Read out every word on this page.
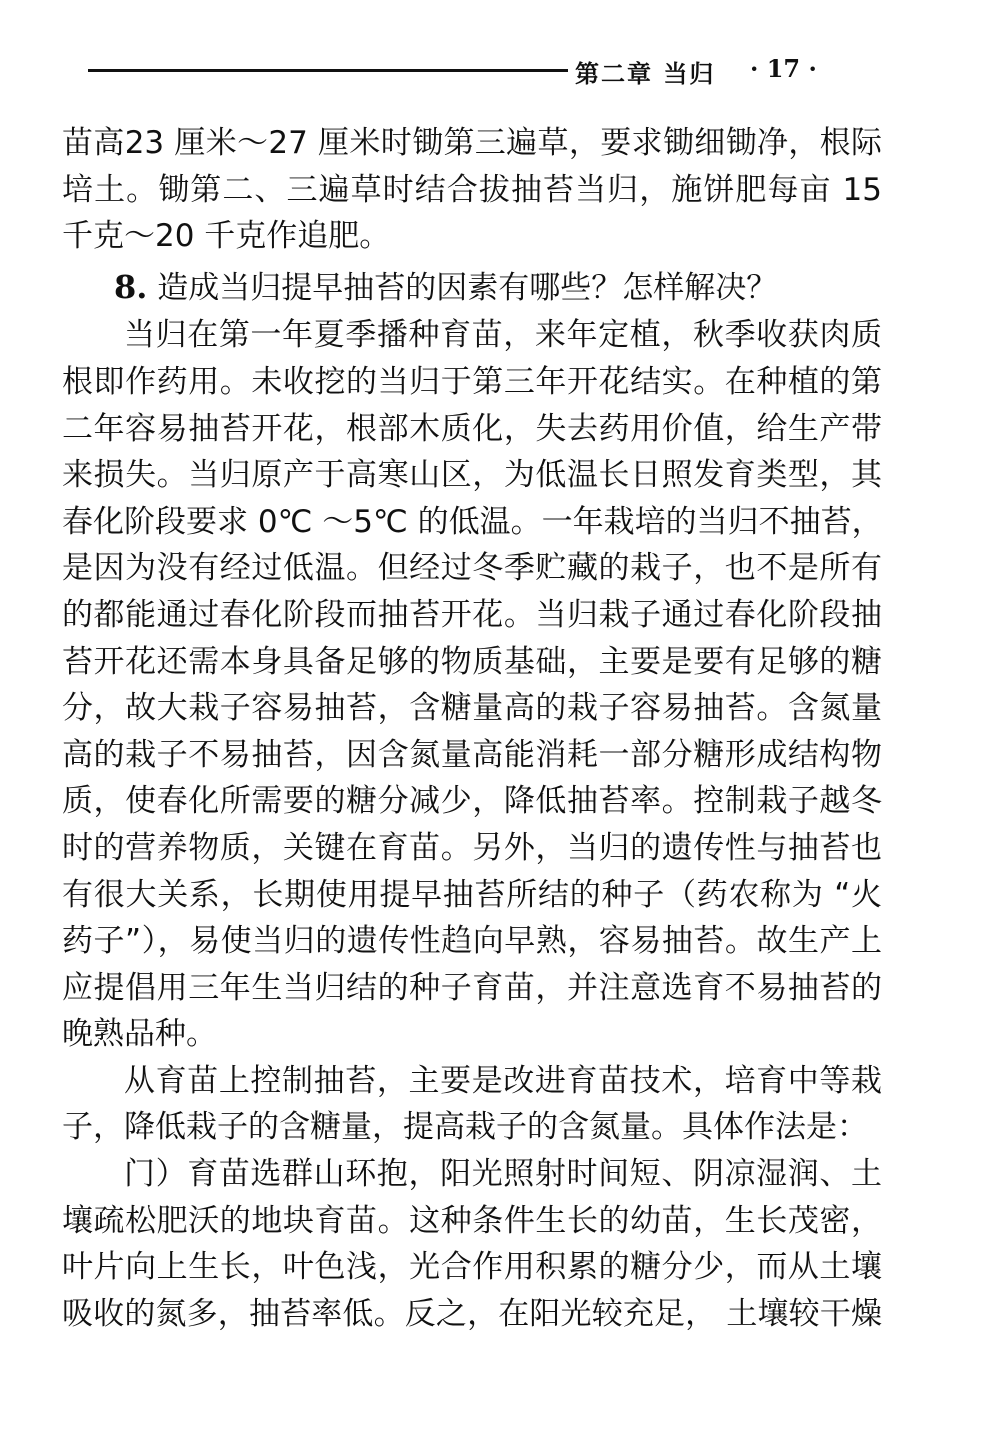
第二章 当归 · 17 ·
苗高23 厘米～27 厘米时锄第三遍草，要求锄细锄净，根际
培土。锄第二、三遍草时结合拔抽苔当归，施饼肥每亩 15
千克～20 千克作追肥。
8. 造成当归提早抽苔的因素有哪些？怎样解决？
当归在第一年夏季播种育苗，来年定植，秋季收获肉质
根即作药用。未收挖的当归于第三年开花结实。在种植的第
二年容易抽苔开花，根部木质化，失去药用价值，给生产带
来损失。当归原产于高寒山区，为低温长日照发育类型，其
春化阶段要求 0℃ ～5℃ 的低温。一年栽培的当归不抽苔，
是因为没有经过低温。但经过冬季贮藏的栽子，也不是所有
的都能通过春化阶段而抽苔开花。当归栽子通过春化阶段抽
苔开花还需本身具备足够的物质基础，主要是要有足够的糖
分，故大栽子容易抽苔，含糖量高的栽子容易抽苔。含氮量
高的栽子不易抽苔，因含氮量高能消耗一部分糖形成结构物
质，使春化所需要的糖分减少，降低抽苔率。控制栽子越冬
时的营养物质，关键在育苗。另外，当归的遗传性与抽苔也
有很大关系，长期使用提早抽苔所结的种子（药农称为 “火
药子”），易使当归的遗传性趋向早熟，容易抽苔。故生产上
应提倡用三年生当归结的种子育苗，并注意选育不易抽苔的
晚熟品种。
从育苗上控制抽苔，主要是改进育苗技术，培育中等栽
子，降低栽子的含糖量，提高栽子的含氮量。具体作法是：
门）育苗选群山环抱，阳光照射时间短、阴凉湿润、土
壤疏松肥沃的地块育苗。这种条件生长的幼苗，生长茂密，
叶片向上生长，叶色浅，光合作用积累的糖分少，而从土壤
吸收的氮多，抽苔率低。反之，在阳光较充足， 土壤较干燥
